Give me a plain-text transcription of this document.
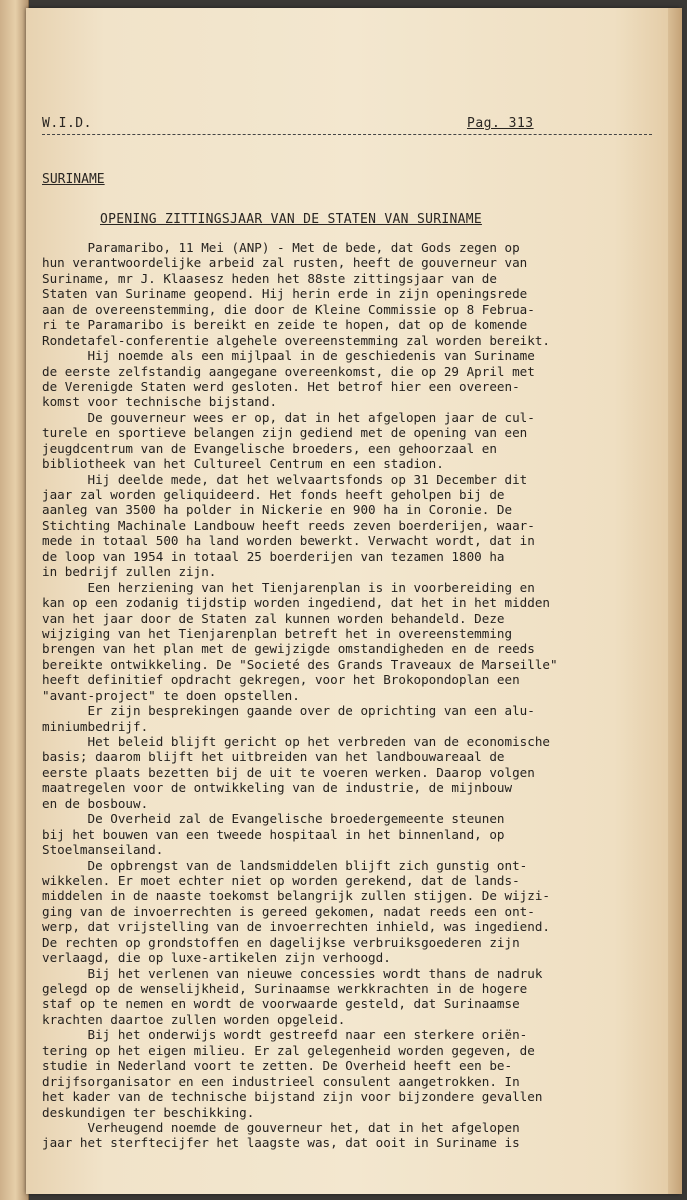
W.I.D.	Pag. 313
SURINAME
OPENING ZITTINGSJAAR VAN DE STATEN VAN SURINAME
Paramaribo, 11 Mei (ANP) - Met de bede, dat Gods zegen op
hun verantwoordelijke arbeid zal rusten, heeft de gouverneur van
Suriname, mr J. Klaasesz heden het 88ste zittingsjaar van de
Staten van Suriname geopend. Hij herin erde in zijn openingsrede
aan de overeenstemming, die door de Kleine Commissie op 8 Februa-
ri te Paramaribo is bereikt en zeide te hopen, dat op de komende
Rondetafel-conferentie algehele overeenstemming zal worden bereikt.
Hij noemde als een mijlpaal in de geschiedenis van Suriname
de eerste zelfstandig aangegane overeenkomst, die op 29 April met
de Verenigde Staten werd gesloten. Het betrof hier een overeen-
komst voor technische bijstand.
De gouverneur wees er op, dat in het afgelopen jaar de cul-
turele en sportieve belangen zijn gediend met de opening van een
jeugdcentrum van de Evangelische broeders, een gehoorzaal en
bibliotheek van het Cultureel Centrum en een stadion.
Hij deelde mede, dat het welvaartsfonds op 31 December dit
jaar zal worden geliquideerd. Het fonds heeft geholpen bij de
aanleg van 3500 ha polder in Nickerie en 900 ha in Coronie. De
Stichting Machinale Landbouw heeft reeds zeven boerderijen, waar-
mede in totaal 500 ha land worden bewerkt. Verwacht wordt, dat in
de loop van 1954 in totaal 25 boerderijen van tezamen 1800 ha
in bedrijf zullen zijn.
Een herziening van het Tienjarenplan is in voorbereiding en
kan op een zodanig tijdstip worden ingediend, dat het in het midden
van het jaar door de Staten zal kunnen worden behandeld. Deze
wijziging van het Tienjarenplan betreft het in overeenstemming
brengen van het plan met de gewijzigde omstandigheden en de reeds
bereikte ontwikkeling. De "Societé des Grands Traveaux de Marseille"
heeft definitief opdracht gekregen, voor het Brokopondoplan een
"avant-project" te doen opstellen.
Er zijn besprekingen gaande over de oprichting van een alu-
miniumbedrijf.
Het beleid blijft gericht op het verbreden van de economische
basis; daarom blijft het uitbreiden van het landbouwareaal de
eerste plaats bezetten bij de uit te voeren werken. Daarop volgen
maatregelen voor de ontwikkeling van de industrie, de mijnbouw
en de bosbouw.
De Overheid zal de Evangelische broedergemeente steunen
bij het bouwen van een tweede hospitaal in het binnenland, op
Stoelmanseiland.
De opbrengst van de landsmiddelen blijft zich gunstig ont-
wikkelen. Er moet echter niet op worden gerekend, dat de lands-
middelen in de naaste toekomst belangrijk zullen stijgen. De wijzi-
ging van de invoerrechten is gereed gekomen, nadat reeds een ont-
werp, dat vrijstelling van de invoerrechten inhield, was ingediend.
De rechten op grondstoffen en dagelijkse verbruiksgoederen zijn
verlaagd, die op luxe-artikelen zijn verhoogd.
Bij het verlenen van nieuwe concessies wordt thans de nadruk
gelegd op de wenselijkheid, Surinaamse werkkrachten in de hogere
staf op te nemen en wordt de voorwaarde gesteld, dat Surinaamse
krachten daartoe zullen worden opgeleid.
Bij het onderwijs wordt gestreefd naar een sterkere oriën-
tering op het eigen milieu. Er zal gelegenheid worden gegeven, de
studie in Nederland voort te zetten. De Overheid heeft een be-
drijfsorganisator en een industrieel consulent aangetrokken. In
het kader van de technische bijstand zijn voor bijzondere gevallen
deskundigen ter beschikking.
Verheugend noemde de gouverneur het, dat in het afgelopen
jaar het sterftecijfer het laagste was, dat ooit in Suriname is
